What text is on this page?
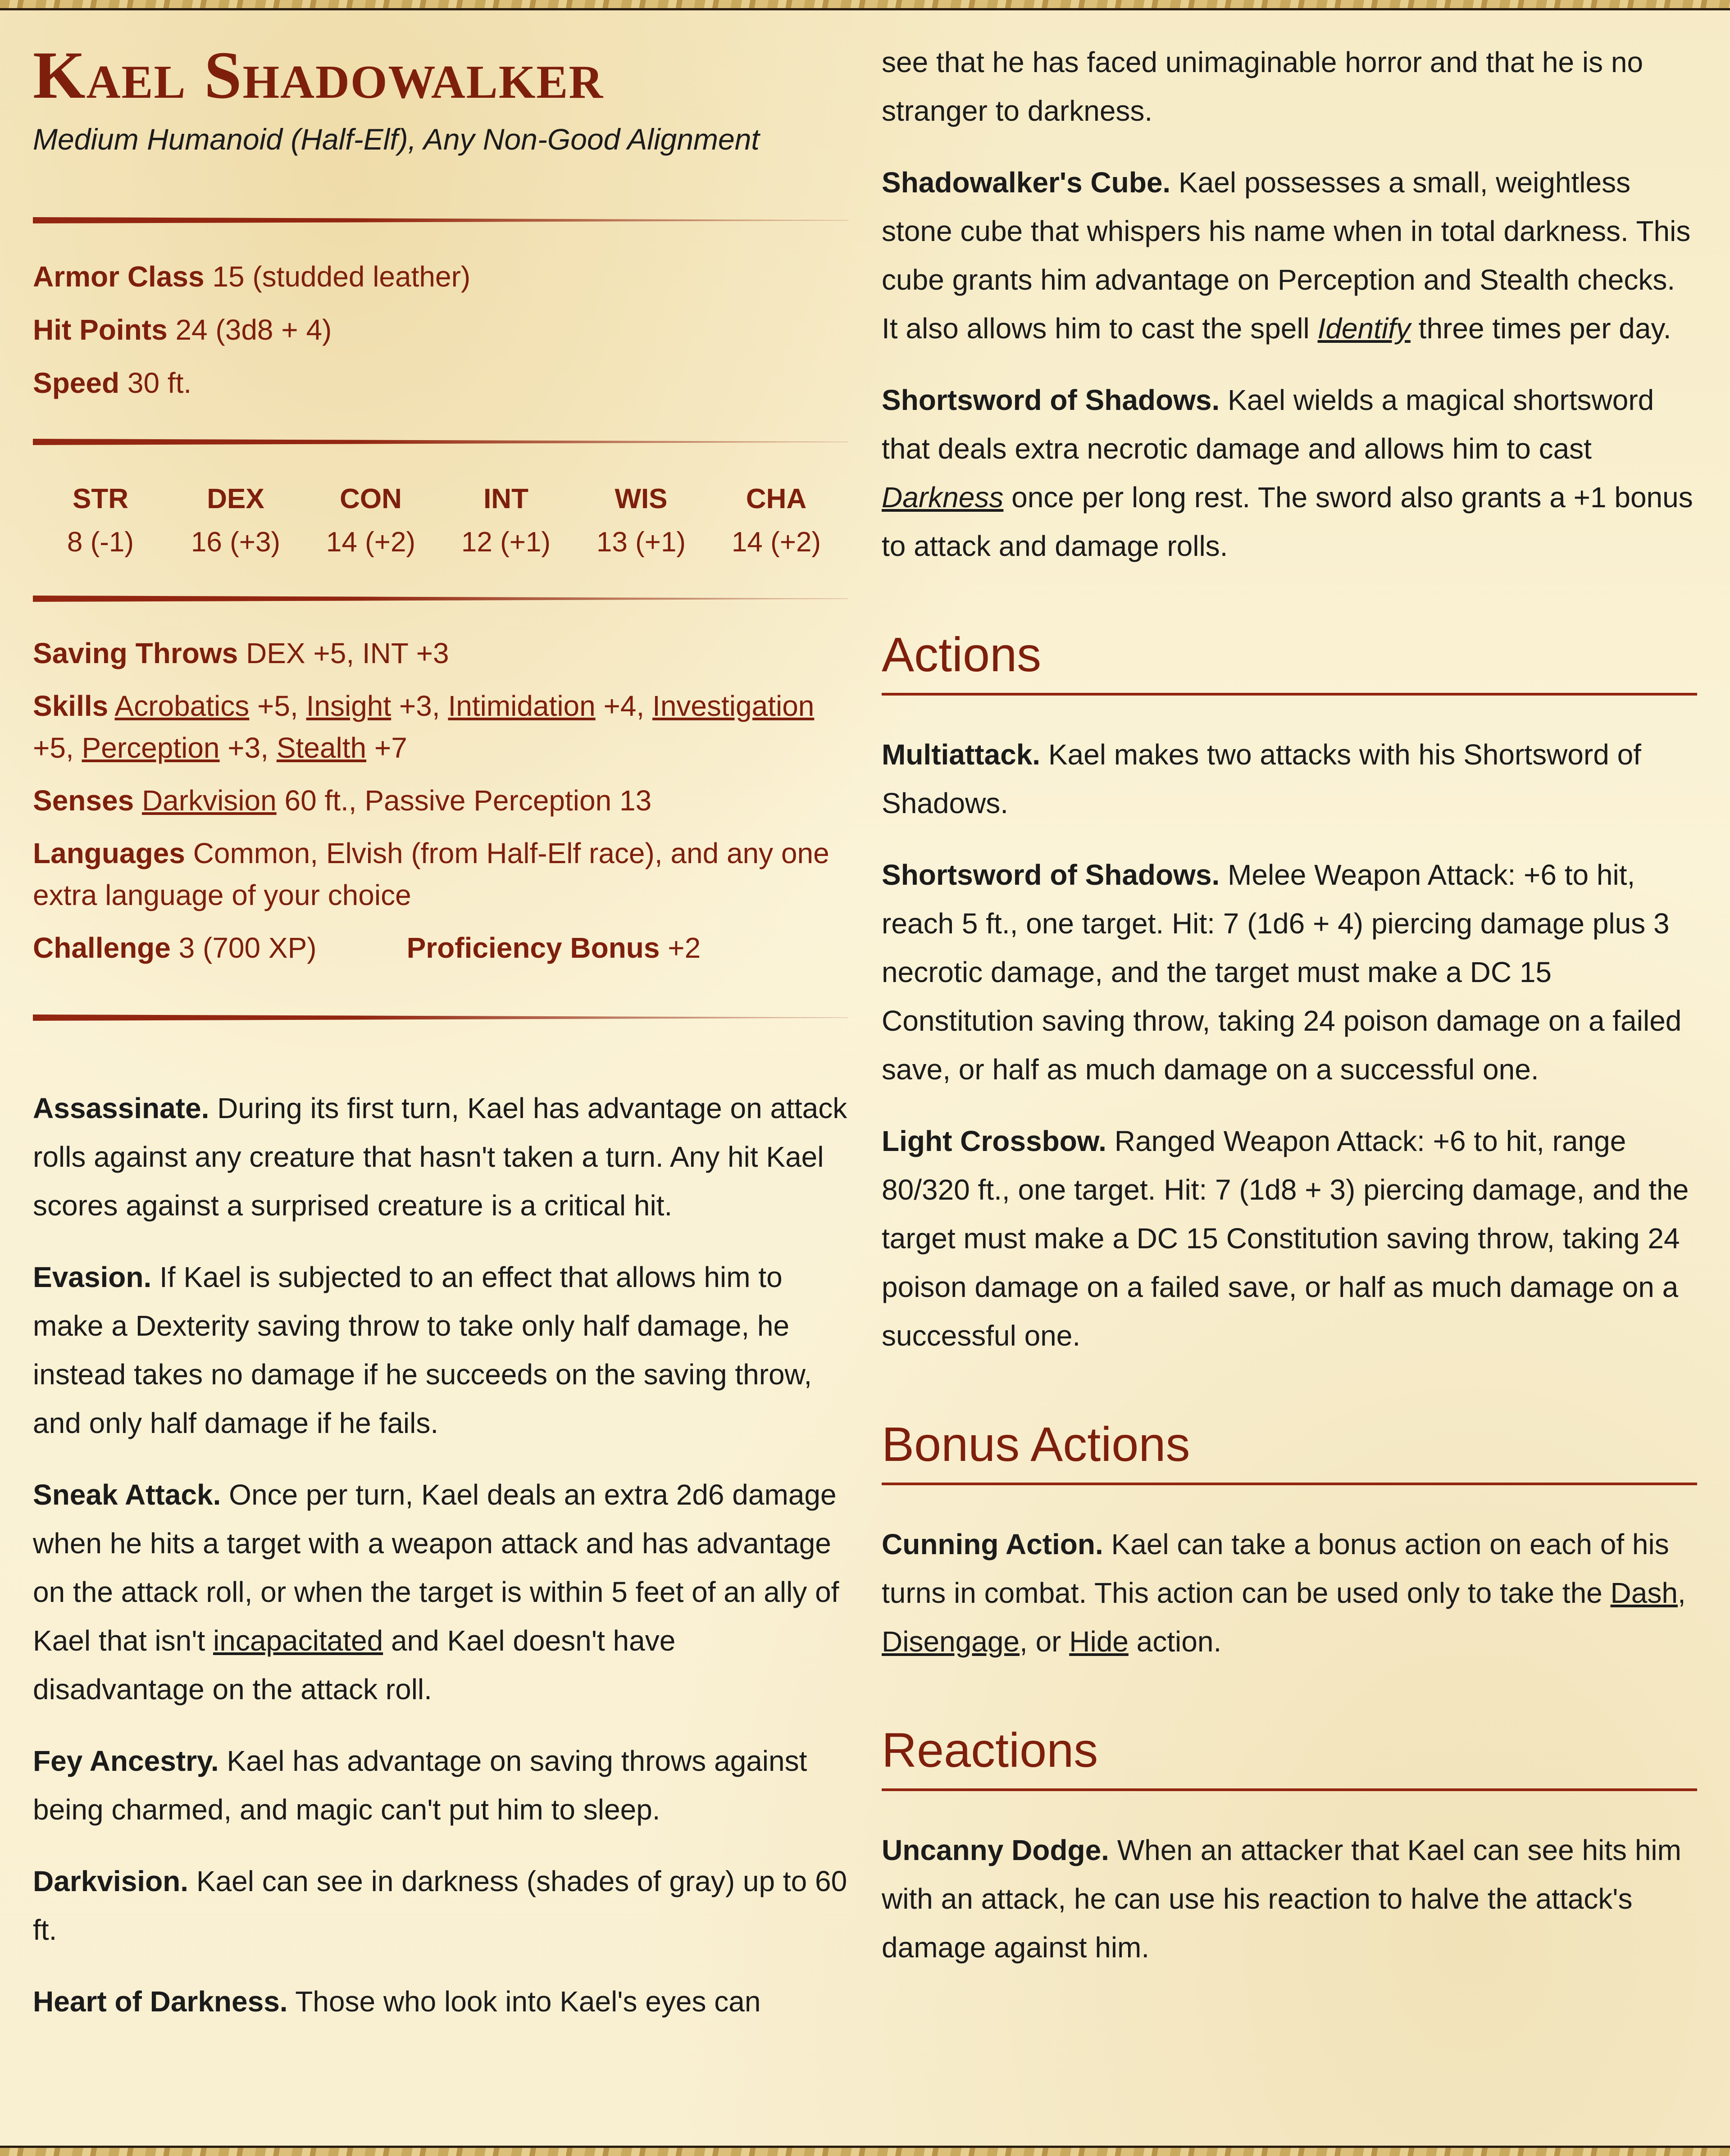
Kael Shadowalker
Medium Humanoid (Half-Elf), Any Non-Good Alignment
Armor Class 15 (studded leather)
Hit Points 24 (3d8 + 4)
Speed 30 ft.
STR
8 (-1)
DEX
16 (+3)
CON
14 (+2)
INT
12 (+1)
WIS
13 (+1)
CHA
14 (+2)
Saving Throws DEX +5, INT +3
Skills Acrobatics +5, Insight +3, Intimidation +4, Investigation +5, Perception +3, Stealth +7
Senses Darkvision 60 ft., Passive Perception 13
Languages Common, Elvish (from Half-Elf race), and any one extra language of your choice
Challenge 3 (700 XP)	Proficiency Bonus +2

Assassinate. During its first turn, Kael has advantage on attack rolls against any creature that hasn't taken a turn. Any hit Kael scores against a surprised creature is a critical hit.

Evasion. If Kael is subjected to an effect that allows him to make a Dexterity saving throw to take only half damage, he instead takes no damage if he succeeds on the saving throw, and only half damage if he fails.

Sneak Attack. Once per turn, Kael deals an extra 2d6 damage when he hits a target with a weapon attack and has advantage on the attack roll, or when the target is within 5 feet of an ally of Kael that isn't incapacitated and Kael doesn't have disadvantage on the attack roll.

Fey Ancestry. Kael has advantage on saving throws against being charmed, and magic can't put him to sleep.

Darkvision. Kael can see in darkness (shades of gray) up to 60 ft.

Heart of Darkness. Those who look into Kael's eyes can

see that he has faced unimaginable horror and that he is no stranger to darkness.

Shadowalker's Cube. Kael possesses a small, weightless stone cube that whispers his name when in total darkness. This cube grants him advantage on Perception and Stealth checks. It also allows him to cast the spell Identify three times per day.

Shortsword of Shadows. Kael wields a magical shortsword that deals extra necrotic damage and allows him to cast Darkness once per long rest. The sword also grants a +1 bonus to attack and damage rolls.

Actions

Multiattack. Kael makes two attacks with his Shortsword of Shadows.

Shortsword of Shadows. Melee Weapon Attack: +6 to hit, reach 5 ft., one target. Hit: 7 (1d6 + 4) piercing damage plus 3 necrotic damage, and the target must make a DC 15 Constitution saving throw, taking 24 poison damage on a failed save, or half as much damage on a successful one.

Light Crossbow. Ranged Weapon Attack: +6 to hit, range 80/320 ft., one target. Hit: 7 (1d8 + 3) piercing damage, and the target must make a DC 15 Constitution saving throw, taking 24 poison damage on a failed save, or half as much damage on a successful one.

Bonus Actions

Cunning Action. Kael can take a bonus action on each of his turns in combat. This action can be used only to take the Dash, Disengage, or Hide action.

Reactions

Uncanny Dodge. When an attacker that Kael can see hits him with an attack, he can use his reaction to halve the attack's damage against him.
